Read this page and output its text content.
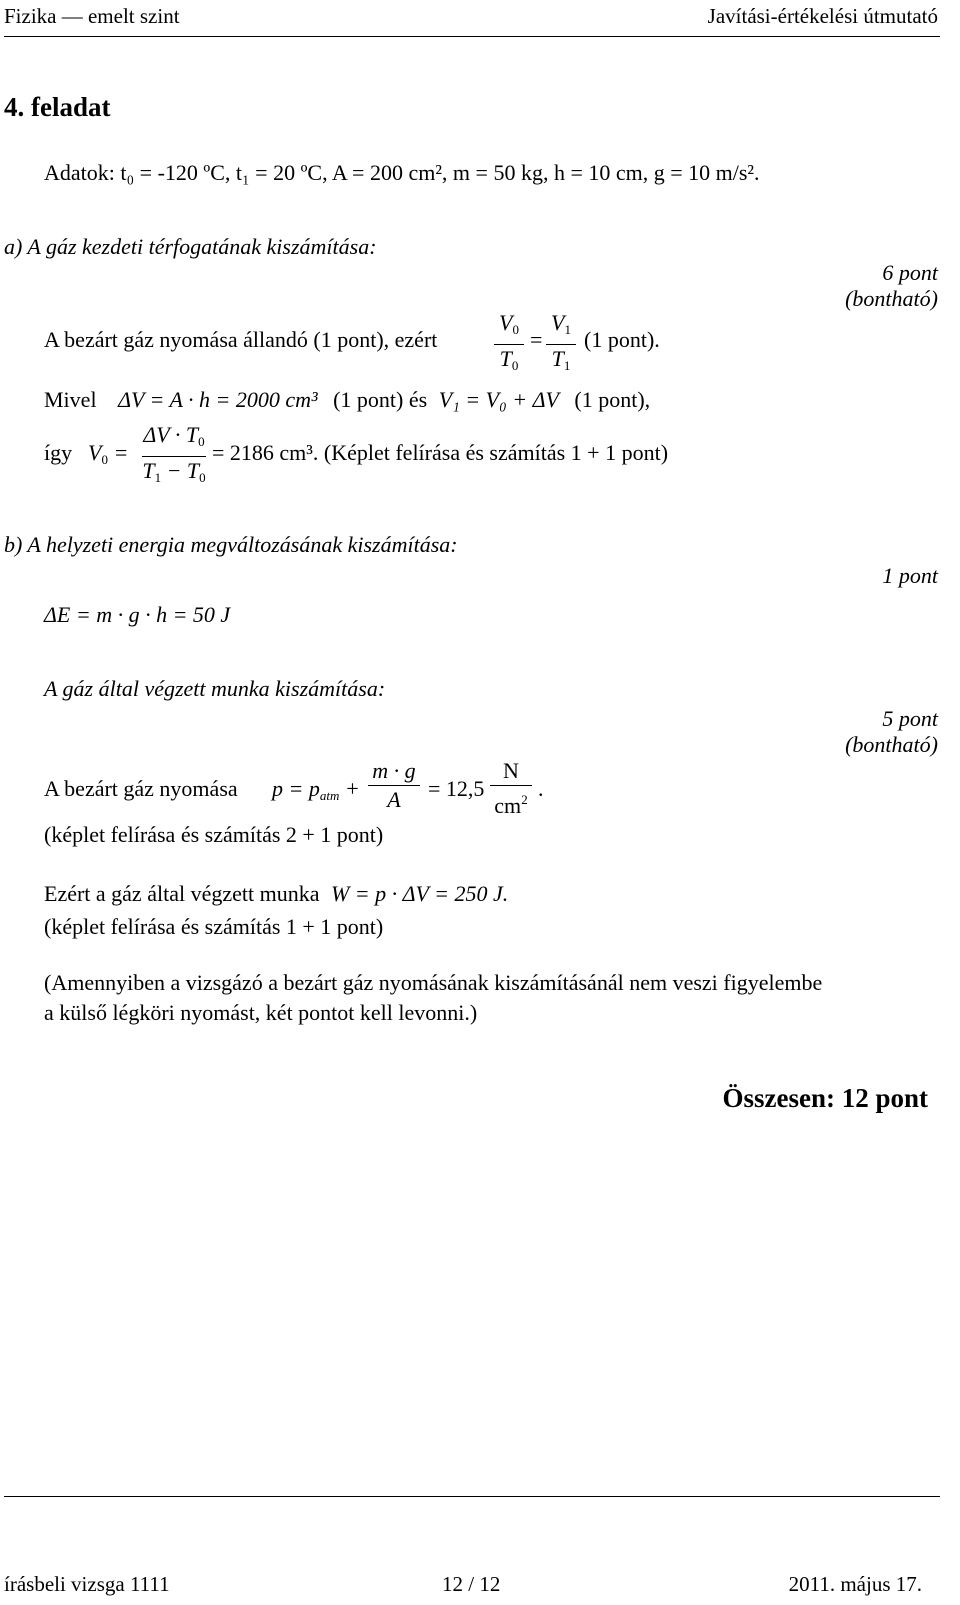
Fizika — emelt szint	Javítási-értékelési útmutató
4. feladat
Adatok: t₀ = -120 ºC, t₁ = 20 ºC, A = 200 cm², m = 50 kg, h = 10 cm, g = 10 m/s².
a) A gáz kezdeti térfogatának kiszámítása:
6 pont
(bontható)
A bezárt gáz nyomása állandó (1 pont), ezért
$V_0$
$T_0$
=
$V_1$
$T_1$
(1 pont).
Mivel ΔV = A · h = 2000 cm³ (1 pont) és V₁ = V₀ + ΔV (1 pont),
így $V_0$ =
$\Delta V \cdot T_0$
$T_1 - T_0$
= 2186 cm³. (Képlet felírása és számítás 1 + 1 pont)
b) A helyzeti energia megváltozásának kiszámítása:
1 pont
ΔE = m · g · h = 50 J
A gáz által végzett munka kiszámítása:
5 pont
(bontható)
A bezárt gáz nyomása $p = p_{atm}$ +
m · g
A = 12,5
N
$cm^2$ .
(képlet felírása és számítás 2 + 1 pont)
Ezért a gáz által végzett munka W = p · ΔV = 250 J.
(képlet felírása és számítás 1 + 1 pont)
(Amennyiben a vizsgázó a bezárt gáz nyomásának kiszámításánál nem veszi figyelembe
a külső légköri nyomást, két pontot kell levonni.)
Összesen: 12 pont
írásbeli vizsga 1111	12 / 12	2011. május 17.
